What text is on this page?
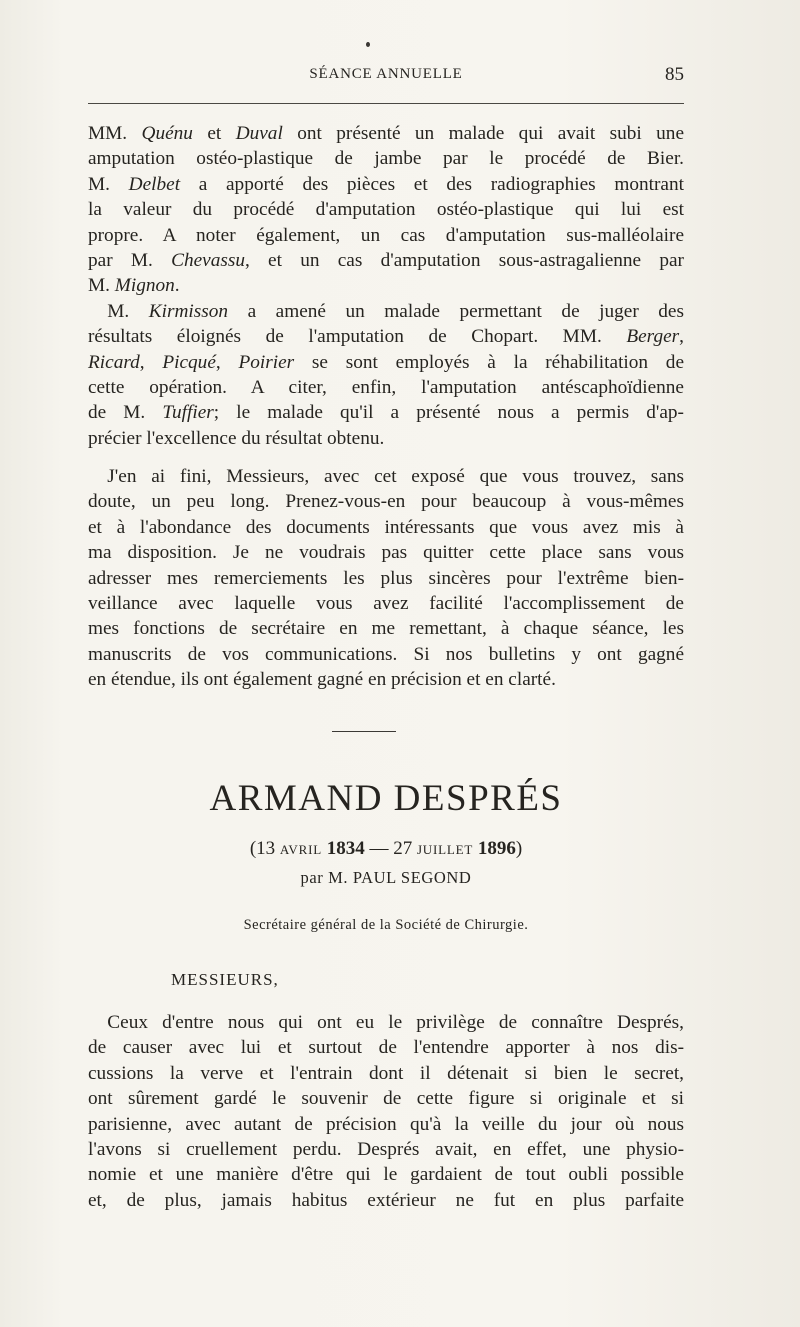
SÉANCE ANNUELLE	85
MM. Quénu et Duval ont présenté un malade qui avait subi une
amputation ostéo-plastique de jambe par le procédé de Bier.
M. Delbet a apporté des pièces et des radiographies montrant
la valeur du procédé d'amputation ostéo-plastique qui lui est
propre. A noter également, un cas d'amputation sus-malléolaire
par M. Chevassu, et un cas d'amputation sous-astragalienne par
M. Mignon.
 M. Kirmisson a amené un malade permettant de juger des
résultats éloignés de l'amputation de Chopart. MM. Berger,
Ricard, Picqué, Poirier se sont employés à la réhabilitation de
cette opération. A citer, enfin, l'amputation antéscaphoïdienne
de M. Tuffier; le malade qu'il a présenté nous a permis d'ap-
précier l'excellence du résultat obtenu.
 J'en ai fini, Messieurs, avec cet exposé que vous trouvez, sans
doute, un peu long. Prenez-vous-en pour beaucoup à vous-mêmes
et à l'abondance des documents intéressants que vous avez mis à
ma disposition. Je ne voudrais pas quitter cette place sans vous
adresser mes remerciements les plus sincères pour l'extrême bien-
veillance avec laquelle vous avez facilité l'accomplissement de
mes fonctions de secrétaire en me remettant, à chaque séance, les
manuscrits de vos communications. Si nos bulletins y ont gagné
en étendue, ils ont également gagné en précision et en clarté.
ARMAND DESPRÉS
(13 AVRIL 1834 — 27 JUILLET 1896)
par M. PAUL SEGOND
Secrétaire général de la Société de Chirurgie.
MESSIEURS,
 Ceux d'entre nous qui ont eu le privilège de connaître Després,
de causer avec lui et surtout de l'entendre apporter à nos dis-
cussions la verve et l'entrain dont il détenait si bien le secret,
ont sûrement gardé le souvenir de cette figure si originale et si
parisienne, avec autant de précision qu'à la veille du jour où nous
l'avons si cruellement perdu. Després avait, en effet, une physio-
nomie et une manière d'être qui le gardaient de tout oubli possible
et, de plus, jamais habitus extérieur ne fut en plus parfaite
